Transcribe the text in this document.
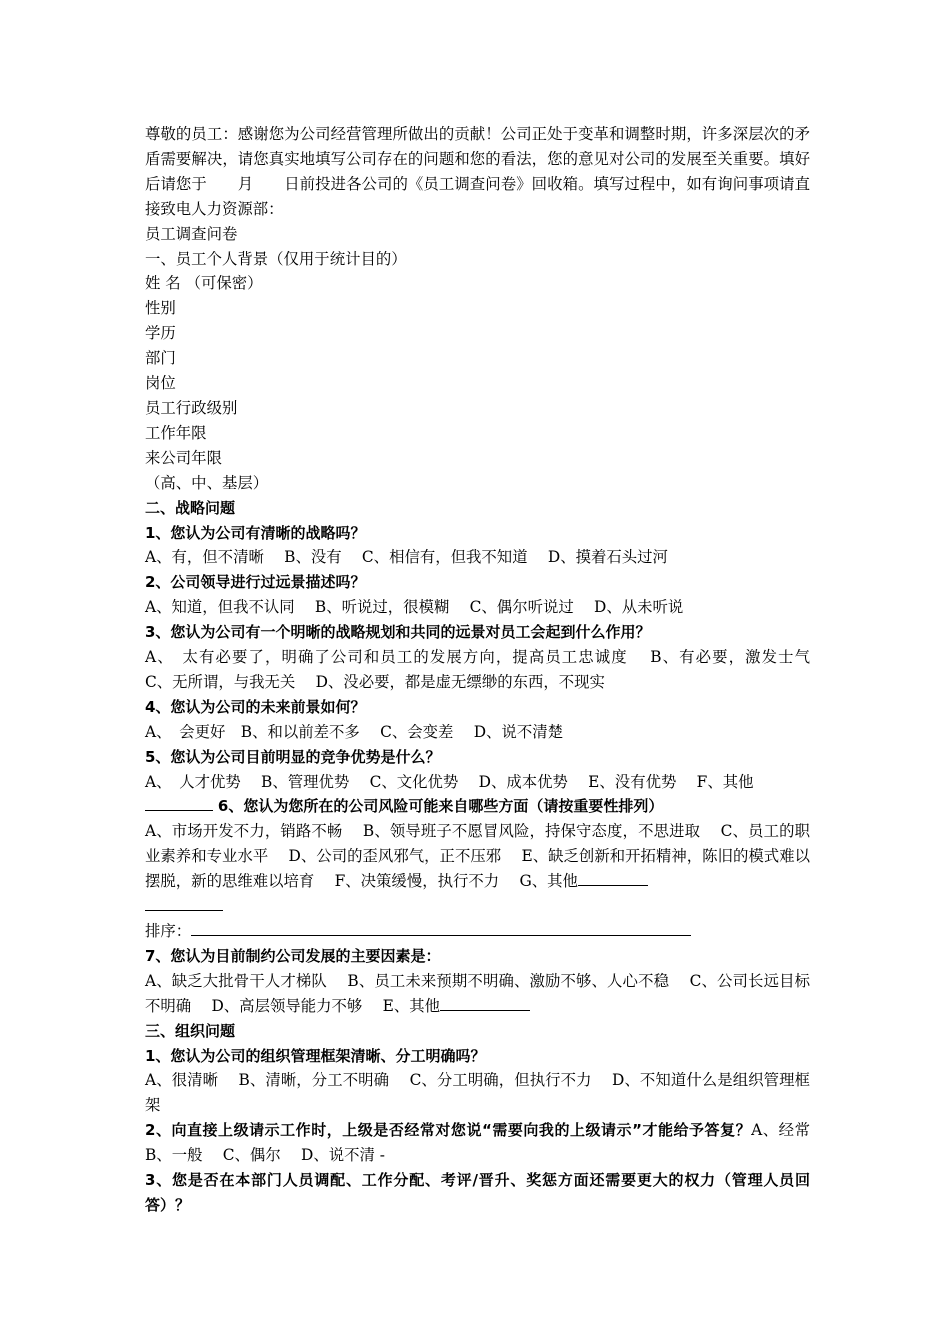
尊敬的员工：感谢您为公司经营管理所做出的贡献！公司正处于变革和调整时期，许多深层次的矛盾需要解决，请您真实地填写公司存在的问题和您的看法，您的意见对公司的发展至关重要。填好后请您于　　月　　日前投进各公司的《员工调查问卷》回收箱。填写过程中，如有询问事项请直接致电人力资源部：

员工调查问卷

一、员工个人背景（仅用于统计目的）

姓 名 （可保密）

性别

学历

部门

岗位

员工行政级别

工作年限

来公司年限

（高、中、基层）

二、战略问题

1、您认为公司有清晰的战略吗？

A、有，但不清晰　 B、没有　 C、相信有，但我不知道　 D、摸着石头过河

2、公司领导进行过远景描述吗？

A、知道，但我不认同　 B、听说过，很模糊　 C、偶尔听说过　 D、从未听说

3、您认为公司有一个明晰的战略规划和共同的远景对员工会起到什么作用？

A、　太有必要了，明确了公司和员工的发展方向，提高员工忠诚度　 B、有必要，激发士气　　 C、无所谓，与我无关　 D、没必要，都是虚无缥缈的东西，不现实

4、您认为公司的未来前景如何？

A、　会更好　B、和以前差不多　 C、会变差　 D、说不清楚

5、您认为公司目前明显的竞争优势是什么？

A、　人才优势　 B、管理优势　 C、文化优势　 D、成本优势　 E、没有优势　 F、其他

6、您认为您所在的公司风险可能来自哪些方面（请按重要性排列）

A、市场开发不力，销路不畅　 B、领导班子不愿冒风险，持保守态度，不思进取　 C、员工的职业素养和专业水平　 D、公司的歪风邪气，正不压邪　 E、缺乏创新和开拓精神，陈旧的模式难以摆脱，新的思维难以培育　 F、决策缓慢，执行不力　 G、其他

排序：

7、您认为目前制约公司发展的主要因素是：

A、缺乏大批骨干人才梯队　 B、员工未来预期不明确、激励不够、人心不稳　 C、公司长远目标不明确　 D、高层领导能力不够　 E、其他

三、组织问题

1、您认为公司的组织管理框架清晰、分工明确吗？

A、很清晰　 B、清晰，分工不明确　 C、分工明确，但执行不力　 D、不知道什么是组织管理框架

2、向直接上级请示工作时，上级是否经常对您说“需要向我的上级请示”才能给予答复？A、经常　 B、一般　 C、偶尔　 D、说不清 -

3、您是否在本部门人员调配、工作分配、考评/晋升、奖惩方面还需要更大的权力（管理人员回答）？
